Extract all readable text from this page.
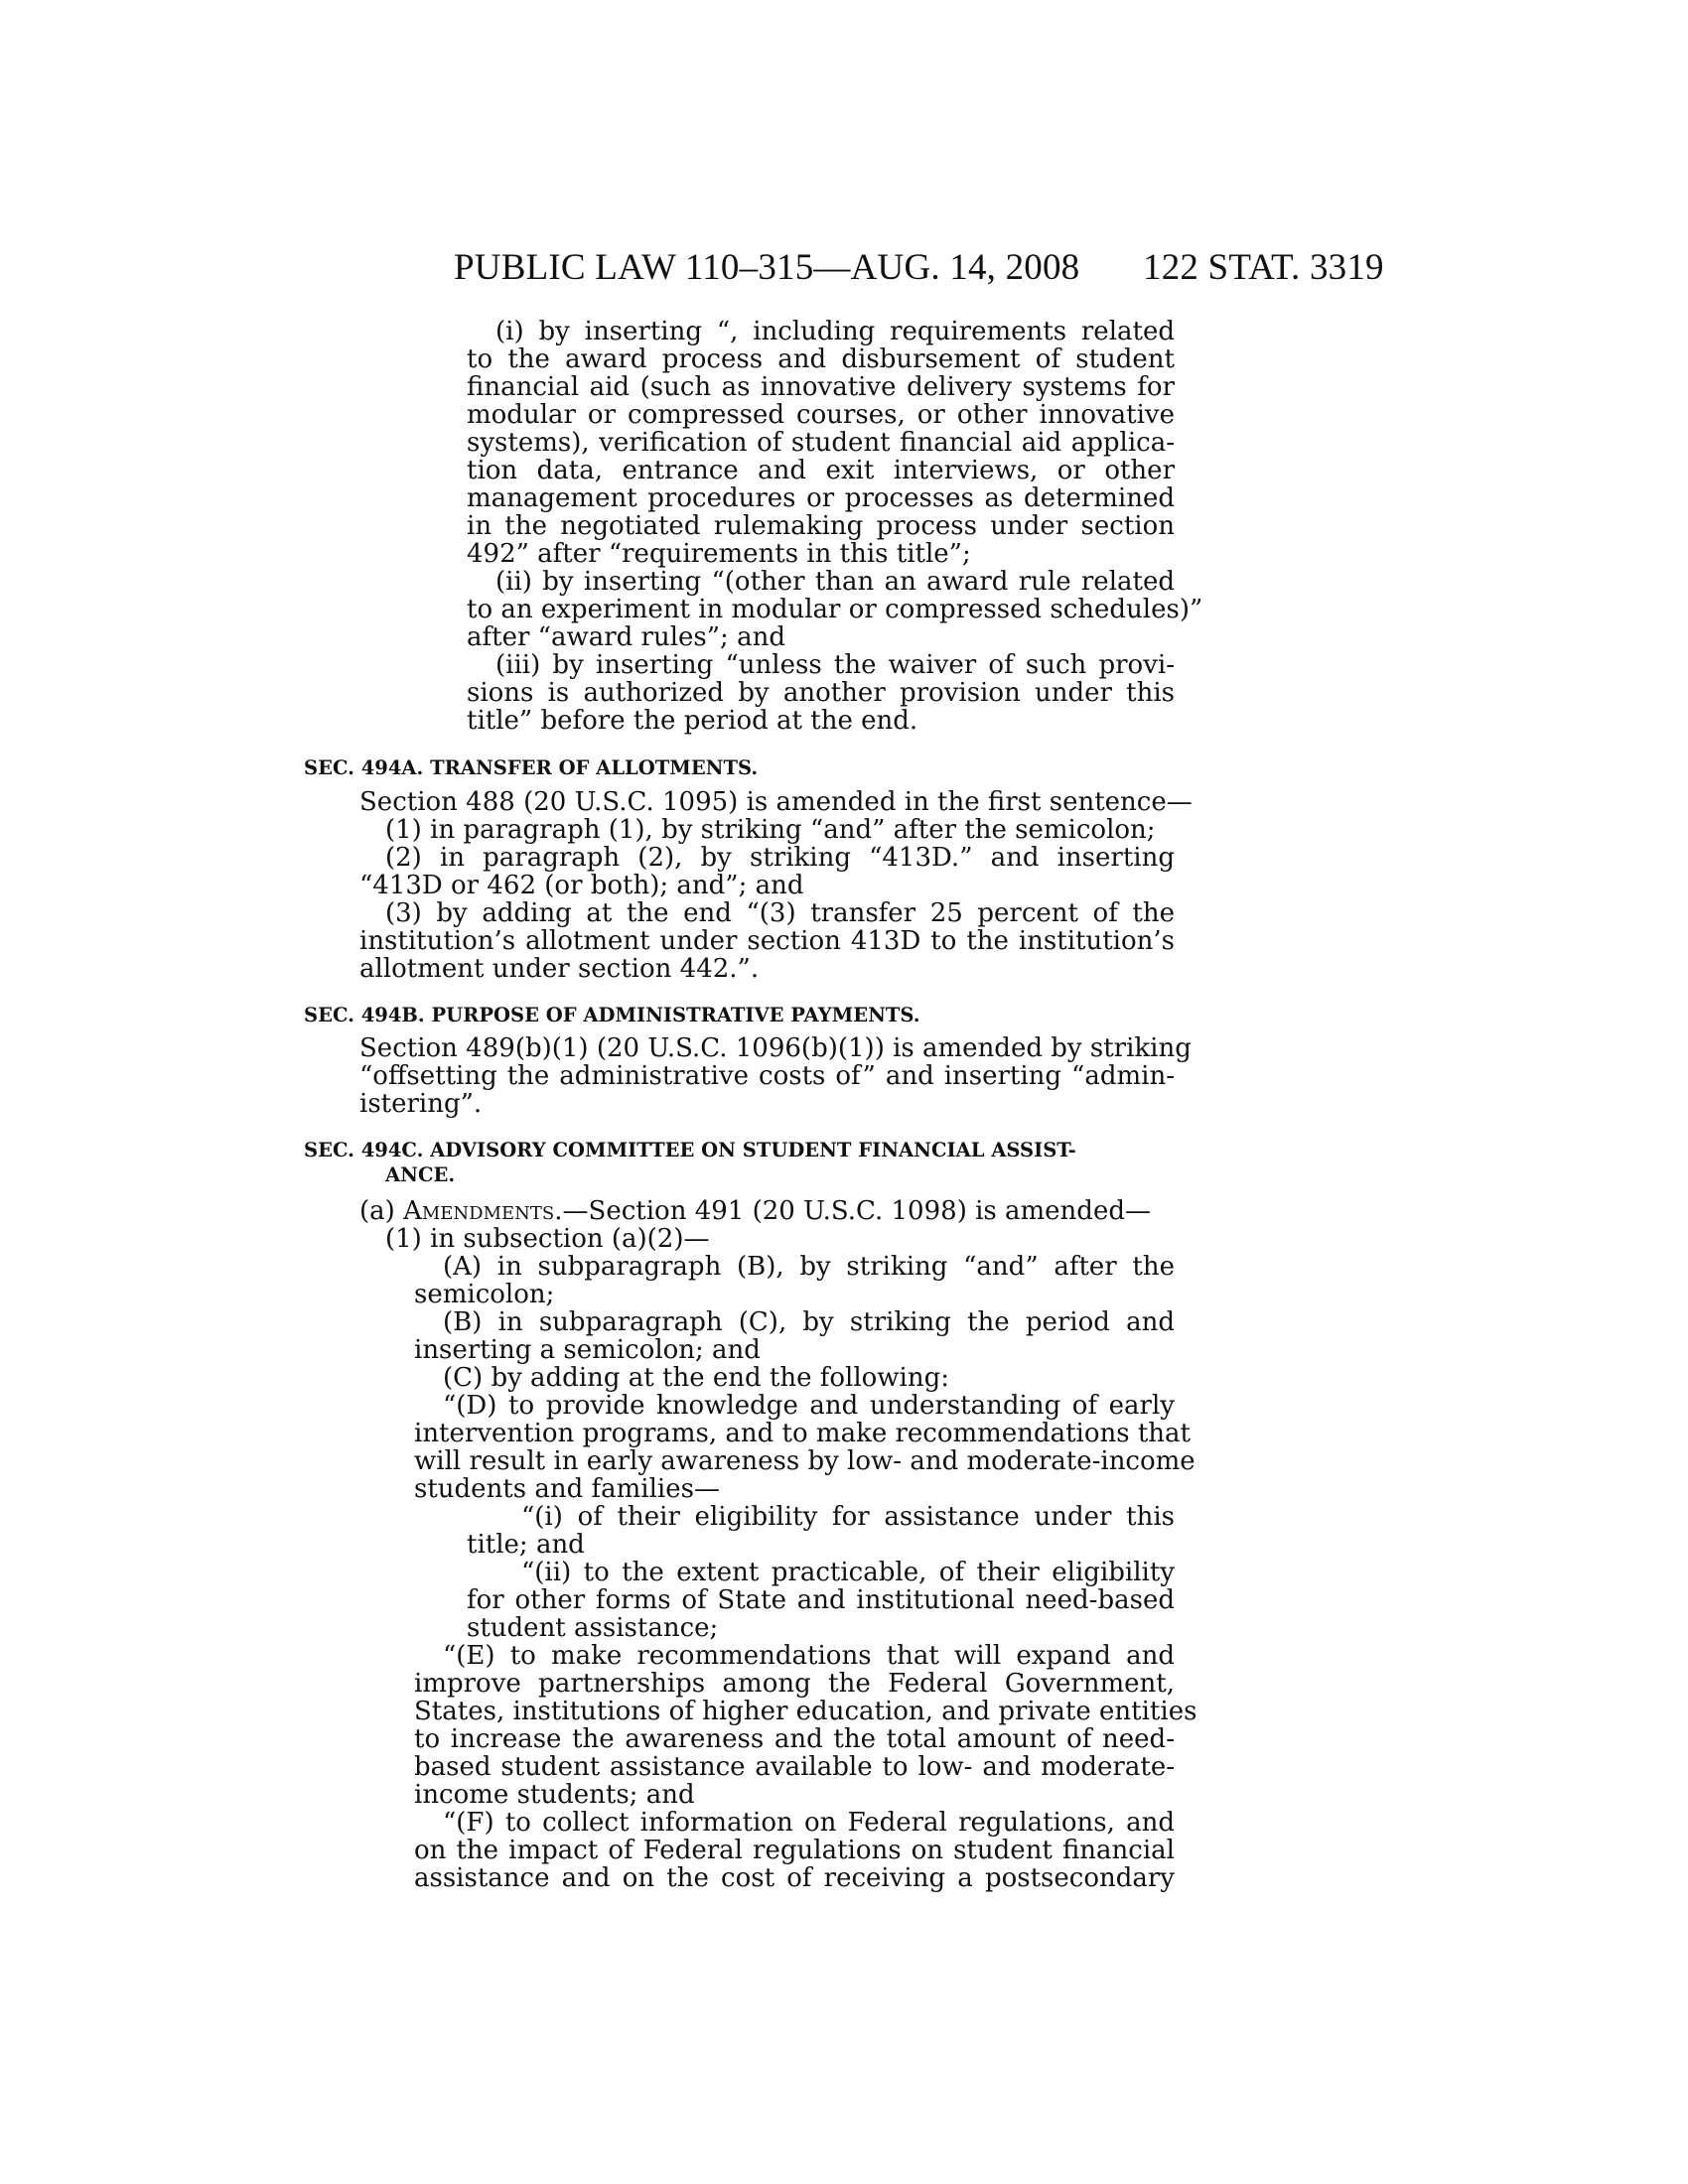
PUBLIC LAW 110–315—AUG. 14, 2008 122 STAT. 3319
(i) by inserting “, including requirements related
to the award process and disbursement of student
financial aid (such as innovative delivery systems for
modular or compressed courses, or other innovative
systems), verification of student financial aid applica-
tion data, entrance and exit interviews, or other
management procedures or processes as determined
in the negotiated rulemaking process under section
492” after “requirements in this title”;
(ii) by inserting “(other than an award rule related
to an experiment in modular or compressed schedules)”
after “award rules”; and
(iii) by inserting “unless the waiver of such provi-
sions is authorized by another provision under this
title” before the period at the end.
SEC. 494A. TRANSFER OF ALLOTMENTS.
Section 488 (20 U.S.C. 1095) is amended in the first sentence—
(1) in paragraph (1), by striking “and” after the semicolon;
(2) in paragraph (2), by striking “413D.” and inserting
“413D or 462 (or both); and”; and
(3) by adding at the end “(3) transfer 25 percent of the
institution’s allotment under section 413D to the institution’s
allotment under section 442.”.
SEC. 494B. PURPOSE OF ADMINISTRATIVE PAYMENTS.
Section 489(b)(1) (20 U.S.C. 1096(b)(1)) is amended by striking
“offsetting the administrative costs of” and inserting “admin-
istering”.
SEC. 494C. ADVISORY COMMITTEE ON STUDENT FINANCIAL ASSIST-
ANCE.
(a) Amendments.—Section 491 (20 U.S.C. 1098) is amended—
(1) in subsection (a)(2)—
(A) in subparagraph (B), by striking “and” after the
semicolon;
(B) in subparagraph (C), by striking the period and
inserting a semicolon; and
(C) by adding at the end the following:
“(D) to provide knowledge and understanding of early
intervention programs, and to make recommendations that
will result in early awareness by low- and moderate-income
students and families—
“(i) of their eligibility for assistance under this
title; and
“(ii) to the extent practicable, of their eligibility
for other forms of State and institutional need-based
student assistance;
“(E) to make recommendations that will expand and
improve partnerships among the Federal Government,
States, institutions of higher education, and private entities
to increase the awareness and the total amount of need-
based student assistance available to low- and moderate-
income students; and
“(F) to collect information on Federal regulations, and
on the impact of Federal regulations on student financial
assistance and on the cost of receiving a postsecondary
